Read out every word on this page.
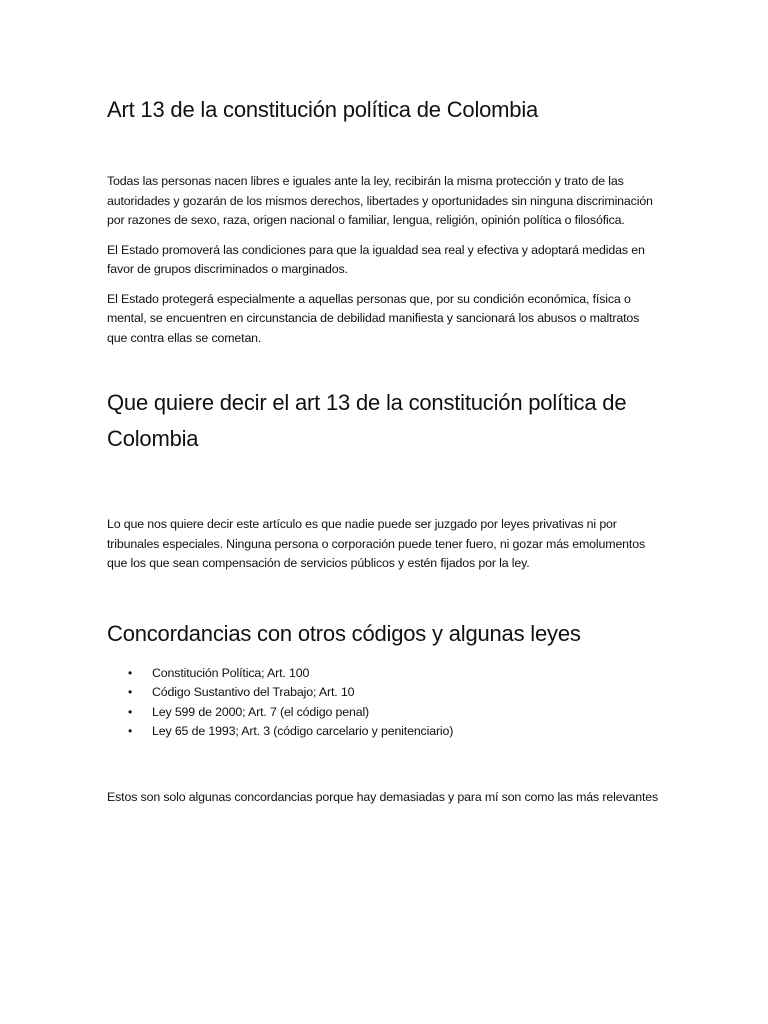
Art 13 de la constitución política de Colombia

Todas las personas nacen libres e iguales ante la ley, recibirán la misma protección y trato de las autoridades y gozarán de los mismos derechos, libertades y oportunidades sin ninguna discriminación por razones de sexo, raza, origen nacional o familiar, lengua, religión, opinión política o filosófica.

El Estado promoverá las condiciones para que la igualdad sea real y efectiva y adoptará medidas en favor de grupos discriminados o marginados.

El Estado protegerá especialmente a aquellas personas que, por su condición económica, física o mental, se encuentren en circunstancia de debilidad manifiesta y sancionará los abusos o maltratos que contra ellas se cometan.

Que quiere decir el art 13 de la constitución política de Colombia

Lo que nos quiere decir este artículo es que nadie puede ser juzgado por leyes privativas ni por tribunales especiales. Ninguna persona o corporación puede tener fuero, ni gozar más emolumentos que los que sean compensación de servicios públicos y estén fijados por la ley.

Concordancias con otros códigos y algunas leyes
• Constitución Política; Art. 100
• Código Sustantivo del Trabajo; Art. 10
• Ley 599 de 2000; Art. 7 (el código penal)
• Ley 65 de 1993; Art. 3 (código carcelario y penitenciario)

Estos son solo algunas concordancias porque hay demasiadas y para mí son como las más relevantes
